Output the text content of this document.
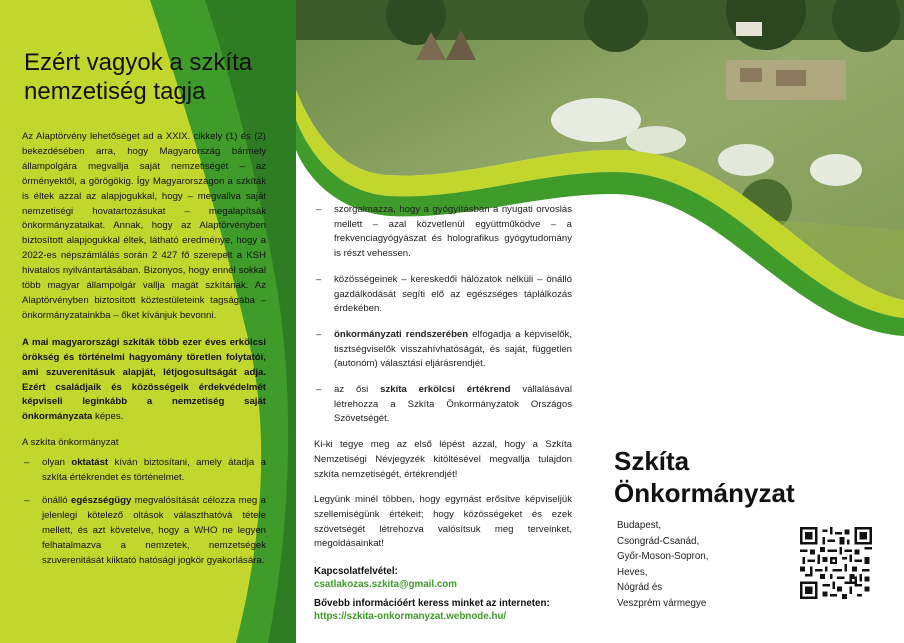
Ezért vagyok a szkíta
nemzetiség tagja

Az Alaptörvény lehetőséget ad a XXIX. cikkely (1) és (2) bekezdésében arra, hogy Magyarország bármely állampolgára megvallja saját nemzetiségét – az örményektől, a görögökig. Így Magyarországon a szkíták is éltek azzal az alapjogukkal, hogy – megvallva saját nemzetiségi hovatartozásukat – megalapítsák önkormányzataikat. Annak, hogy az Alaptörvényben biztosított alapjogukkal éltek, látható eredménye, hogy a 2022-es népszámlálás során 2 427 fő szerepelt a KSH hivatalos nyilvántartásában. Bizonyos, hogy ennél sokkal több magyar állampolgár vallja magát szkítának. Az Alaptörvényben biztosított köztestületeink tagságába – önkormányzatainkba – őket kívánjuk bevonni.

A mai magyarországi szkíták több ezer éves erkölcsi örökség és történelmi hagyomány töretlen folytatói, ami szuverenitásuk alapját, létjogosultságát adja. Ezért családjaik és közösségeik érdekvédelmét képviseli leginkább a nemzetiség saját önkormányzata képes.

A szkíta önkormányzat

– olyan oktatást kíván biztosítani, amely átadja a szkíta értékrendet és történelmet.
– önálló egészségügy megvalósítását célozza meg a jelenlegi kötelező oltások választhatóvá tétele mellett, és azt követelve, hogy a WHO ne legyen felhatalmazva a nemzetek, nemzetségek szuverenitását kiiktató hatósági jogkör gyakorlására.
– szorgalmazza, hogy a gyógyításban a nyugati orvoslás mellett – azal közvetlenül együttműködve – a frekvenciagyógyászat és holografikus gyógytudomány is részt vehessen.
– közösségeinek – kereskedői hálózatok nélküli – önálló gazdálkodását segíti elő az egészséges táplálkozás érdekében.
– önkormányzati rendszerében elfogadja a képviselők, tisztségviselők visszahívhatóságát, és saját, független (autonóm) választási eljárásrendjét.
– az ősi szkíta erkölcsi értékrend vállalásával létrehozza a Szkíta Önkormányzatok Országos Szövetségét.

Ki-ki tegye meg az első lépést azzal, hogy a Szkíta Nemzetiségi Névjegyzék kitöltésével megvallja tulajdon szkíta nemzetiségét, értékrendjét!

Legyünk minél többen, hogy egymást erősítve képviseljük szellemiségünk értékeit; hogy közösségeket és ezek szövetségét létrehozva valósítsuk meg terveinket, megoldásainkat!

Kapcsolatfelvétel:
csatlakozas.szkita@gmail.com
Bővebb információért keress minket az interneten:
https://szkita-onkormanyzat.webnode.hu/
Szkíta
Önkormányzat
Budapest,
Csongrád-Csanád,
Győr-Moson-Sopron,
Heves,
Nógrád és
Veszprém vármegye
